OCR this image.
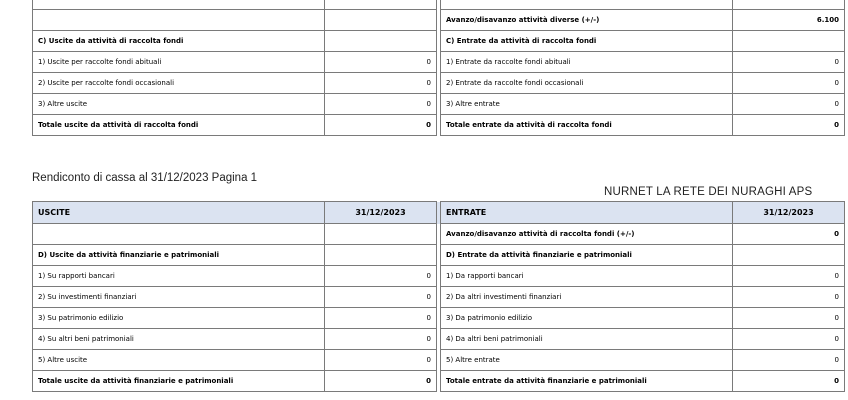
			Avanzo/disavanzo attività diverse (+/-)	6.100
C) Uscite da attività di raccolta fondi			C) Entrate da attività di raccolta fondi	
1) Uscite per raccolte fondi abituali	0		1) Entrate da raccolte fondi abituali	0
2) Uscite per raccolte fondi occasionali	0		2) Entrate da raccolte fondi occasionali	0
3) Altre uscite	0		3) Altre entrate	0
Totale uscite da attività di raccolta fondi	0		Totale entrate da attività di raccolta fondi	0
Rendiconto di cassa al 31/12/2023 Pagina 1
NURNET LA RETE DEI NURAGHI APS
USCITE	31/12/2023		ENTRATE	31/12/2023
			Avanzo/disavanzo attività di raccolta fondi (+/-)	0
D) Uscite da attività finanziarie e patrimoniali			D) Entrate da attività finanziarie e patrimoniali	
1) Su rapporti bancari	0		1) Da rapporti bancari	0
2) Su investimenti finanziari	0		2) Da altri investimenti finanziari	0
3) Su patrimonio edilizio	0		3) Da patrimonio edilizio	0
4) Su altri beni patrimoniali	0		4) Da altri beni patrimoniali	0
5) Altre uscite	0		5) Altre entrate	0
Totale uscite da attività finanziarie e patrimoniali	0		Totale entrate da attività finanziarie e patrimoniali	0
